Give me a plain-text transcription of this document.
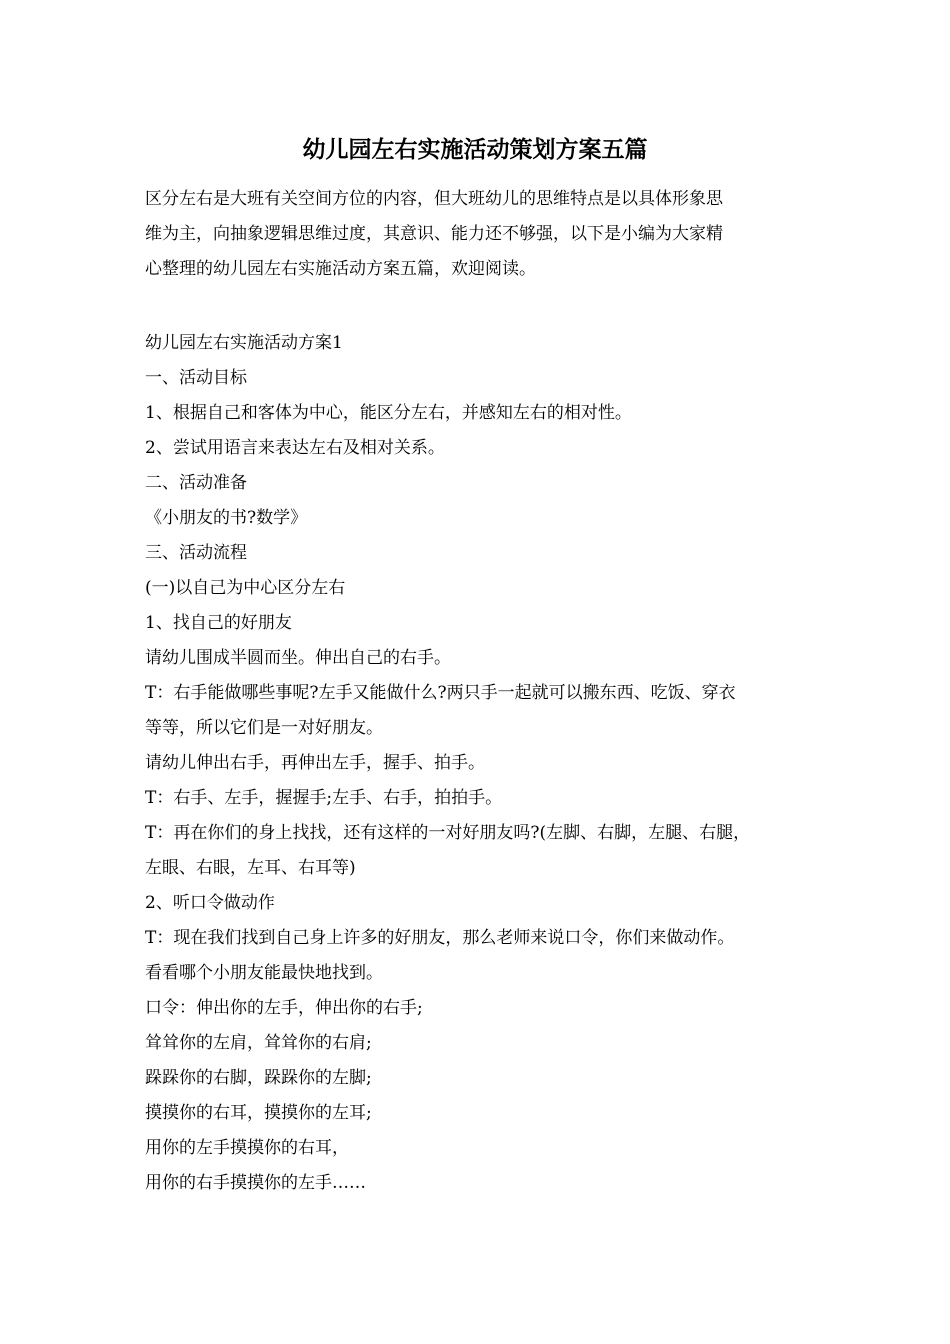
幼儿园左右实施活动策划方案五篇

区分左右是大班有关空间方位的内容，但大班幼儿的思维特点是以具体形象思
维为主，向抽象逻辑思维过度，其意识、能力还不够强，以下是小编为大家精
心整理的幼儿园左右实施活动方案五篇，欢迎阅读。

幼儿园左右实施活动方案1
一、活动目标
1、根据自己和客体为中心，能区分左右，并感知左右的相对性。
2、尝试用语言来表达左右及相对关系。
二、活动准备
《小朋友的书?数学》
三、活动流程
(一)以自己为中心区分左右
1、找自己的好朋友
请幼儿围成半圆而坐。伸出自己的右手。
T：右手能做哪些事呢?左手又能做什么?两只手一起就可以搬东西、吃饭、穿衣
等等，所以它们是一对好朋友。
请幼儿伸出右手，再伸出左手，握手、拍手。
T：右手、左手，握握手;左手、右手，拍拍手。
T：再在你们的身上找找，还有这样的一对好朋友吗?(左脚、右脚，左腿、右腿，
左眼、右眼，左耳、右耳等)
2、听口令做动作
T：现在我们找到自己身上许多的好朋友，那么老师来说口令，你们来做动作。
看看哪个小朋友能最快地找到。
口令：伸出你的左手，伸出你的右手;
耸耸你的左肩，耸耸你的右肩;
跺跺你的右脚，跺跺你的左脚;
摸摸你的右耳，摸摸你的左耳;
用你的左手摸摸你的右耳，
用你的右手摸摸你的左手……
